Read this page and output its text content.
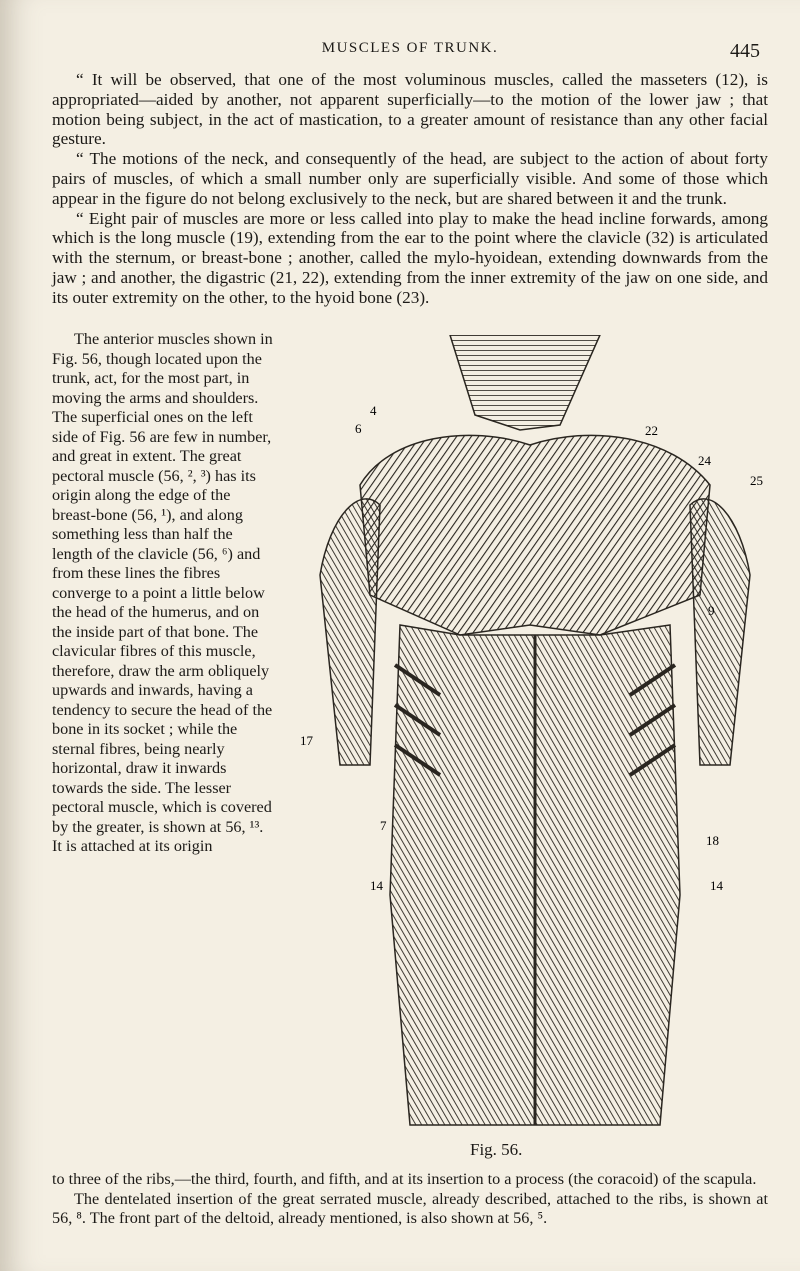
MUSCLES OF TRUNK.	445

“ It will be observed, that one of the most voluminous muscles, called the masseters (12), is appropriated—aided by another, not apparent superficially—to the motion of the lower jaw ; that motion being subject, in the act of mastication, to a greater amount of resistance than any other facial gesture.

“ The motions of the neck, and consequently of the head, are subject to the action of about forty pairs of muscles, of which a small number only are superficially visible. And some of those which appear in the figure do not belong exclusively to the neck, but are shared between it and the trunk.

“ Eight pair of muscles are more or less called into play to make the head incline forwards, among which is the long muscle (19), extending from the ear to the point where the clavicle (32) is articulated with the sternum, or breast-bone ; another, called the mylo-hyoidean, extending downwards from the jaw ; and another, the digastric (21, 22), extending from the inner extremity of the jaw on one side, and its outer extremity on the other, to the hyoid bone (23).

The anterior muscles shown in Fig. 56, though located upon the trunk, act, for the most part, in moving the arms and shoulders. The superficial ones on the left side of Fig. 56 are few in number, and great in extent. The great pectoral muscle (56, ², ³) has its origin along the edge of the breast-bone (56, ¹), and along something less than half the length of the clavicle (56, ⁶) and from these lines the fibres converge to a point a little below the head of the humerus, and on the inside part of that bone. The clavicular fibres of this muscle, therefore, draw the arm obliquely upwards and inwards, having a tendency to secure the head of the bone in its socket ; while the sternal fibres, being nearly horizontal, draw it inwards towards the side. The lesser pectoral muscle, which is covered by the greater, is shown at 56, ¹³. It is attached at its origin

4
6	22
24
25
9
17
7
18
14	14
Fig. 56.

to three of the ribs,—the third, fourth, and fifth, and at its insertion to a process (the coracoid) of the scapula.

The dentelated insertion of the great serrated muscle, already described, attached to the ribs, is shown at 56, ⁸. The front part of the deltoid, already mentioned, is also shown at 56, ⁵.
